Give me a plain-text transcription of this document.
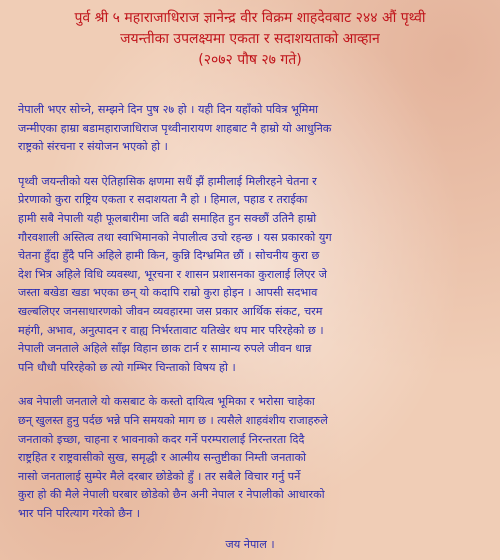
पुर्व श्री ५ महाराजाधिराज ज्ञानेन्द्र वीर विक्रम शाहदेवबाट २४४ औं पृथ्वी
जयन्तीका उपलक्ष्यमा एकता र सदाशयताको आव्हान
(२०७२ पौष २७ गते)
नेपाली भएर सोच्ने, सम्झने दिन पुष २७ हो । यही दिन यहाँको पवित्र भूमिमा
जन्मीएका हाम्रा बडामहाराजाधिराज पृथ्वीनारायण शाहबाट नै हाम्रो यो आधुनिक
राष्ट्रको संरचना र संयोजन भएको हो ।
पृथ्वी जयन्तीको यस ऐतिहासिक क्षणमा सधैं झैं हामीलाई मिलीरहने चेतना र
प्रेरणाको कुरा राष्ट्रिय एकता र सदाशयता नै हो । हिमाल, पहाड र तराईका
हामी सबै नेपाली यही फूलबारीमा जति बढी समाहित हुन सक्छौं उतिनै हाम्रो
गौरवशाली अस्तित्व तथा स्वाभिमानको नेपालीत्व उचो रहन्छ । यस प्रकारको युग
चेतना हुँदा हुँदै पनि अहिले हामी किन, कुन्नि दिग्भ्रमित छौं । सोचनीय कुरा छ
देश भित्र अहिले विधि व्यवस्था, भूरचना र शासन प्रशासनका कुरालाई लिएर जे
जस्ता बखेडा खडा भएका छन् यो कदापि राम्रो कुरा होइन । आपसी सदभाव
खल्बलिएर जनसाधारणको जीवन व्यवहारमा जस प्रकार आर्थिक संकट, चरम
महंगी, अभाव, अनुत्पादन र वाह्य निर्भरतावाट यतिखेर थप मार परिरहेको छ ।
नेपाली जनताले अहिले साँझ विहान छाक टार्न र सामान्य रुपले जीवन धान्न
पनि धौधौ परिरहेको छ त्यो गम्भिर चिन्ताको विषय हो ।
अब नेपाली जनताले यो कसबाट के कस्तो दायित्व भूमिका र भरोसा चाहेका
छन् खुलस्त हुनु पर्दछ भन्ने पनि समयको माग छ । त्यसैले शाहवंशीय राजाहरुले
जनताको इच्छा, चाहना र भावनाको कदर गर्ने परम्परालाई निरन्तरता दिदै
राष्ट्रहित र राष्ट्रवासीको सुख, समृद्धी र आत्मीय सन्तुष्टीका निम्ती जनताको
नासो जनतालाई सुम्पेर मैले दरबार छोडेको हुँ । तर सबैले विचार गर्नु पर्ने
कुरा हो की मैले नेपाली घरबार छोडेको छैन अनी नेपाल र नेपालीको आधारको
भार पनि परित्याग गरेको छैन ।
जय नेपाल ।
